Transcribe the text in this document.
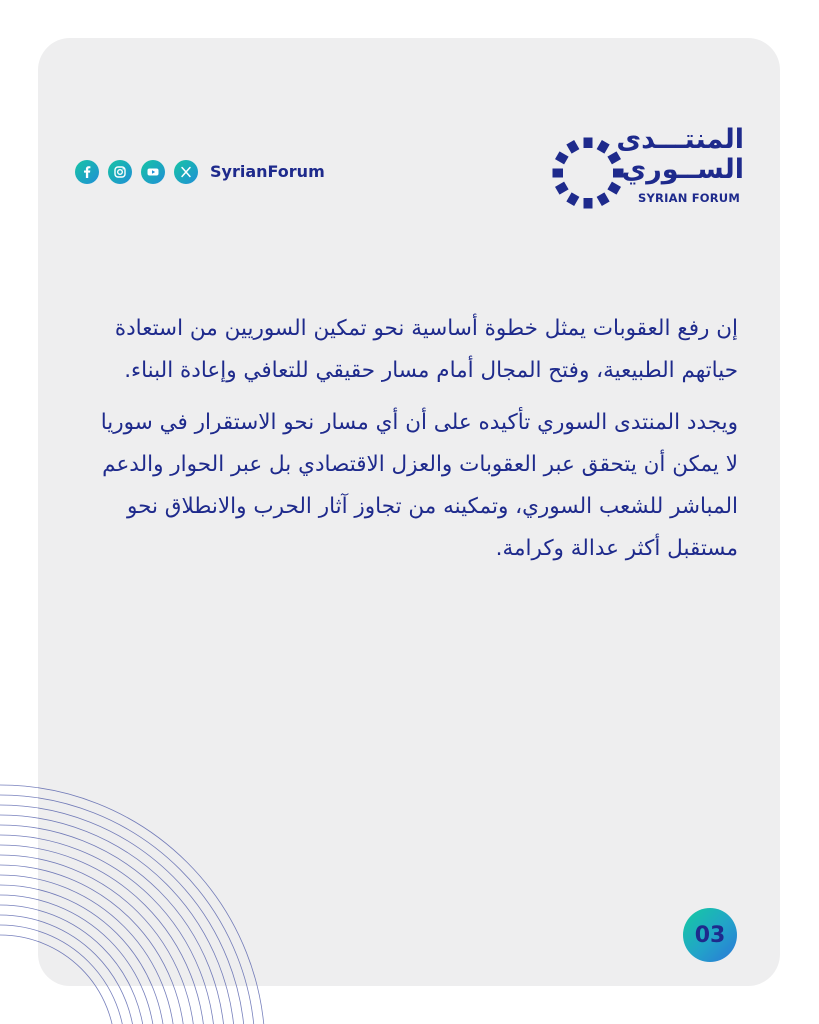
SyrianForum
المنتـــدى
الســوري
SYRIAN FORUM

إن رفع العقوبات يمثل خطوة أساسية نحو تمكين السوريين من استعادة حياتهم الطبيعية، وفتح المجال أمام مسار حقيقي للتعافي وإعادة البناء.

ويجدد المنتدى السوري تأكيده على أن أي مسار نحو الاستقرار في سوريا لا يمكن أن يتحقق عبر العقوبات والعزل الاقتصادي بل عبر الحوار والدعم المباشر للشعب السوري، وتمكينه من تجاوز آثار الحرب والانطلاق نحو مستقبل أكثر عدالة وكرامة.

03
